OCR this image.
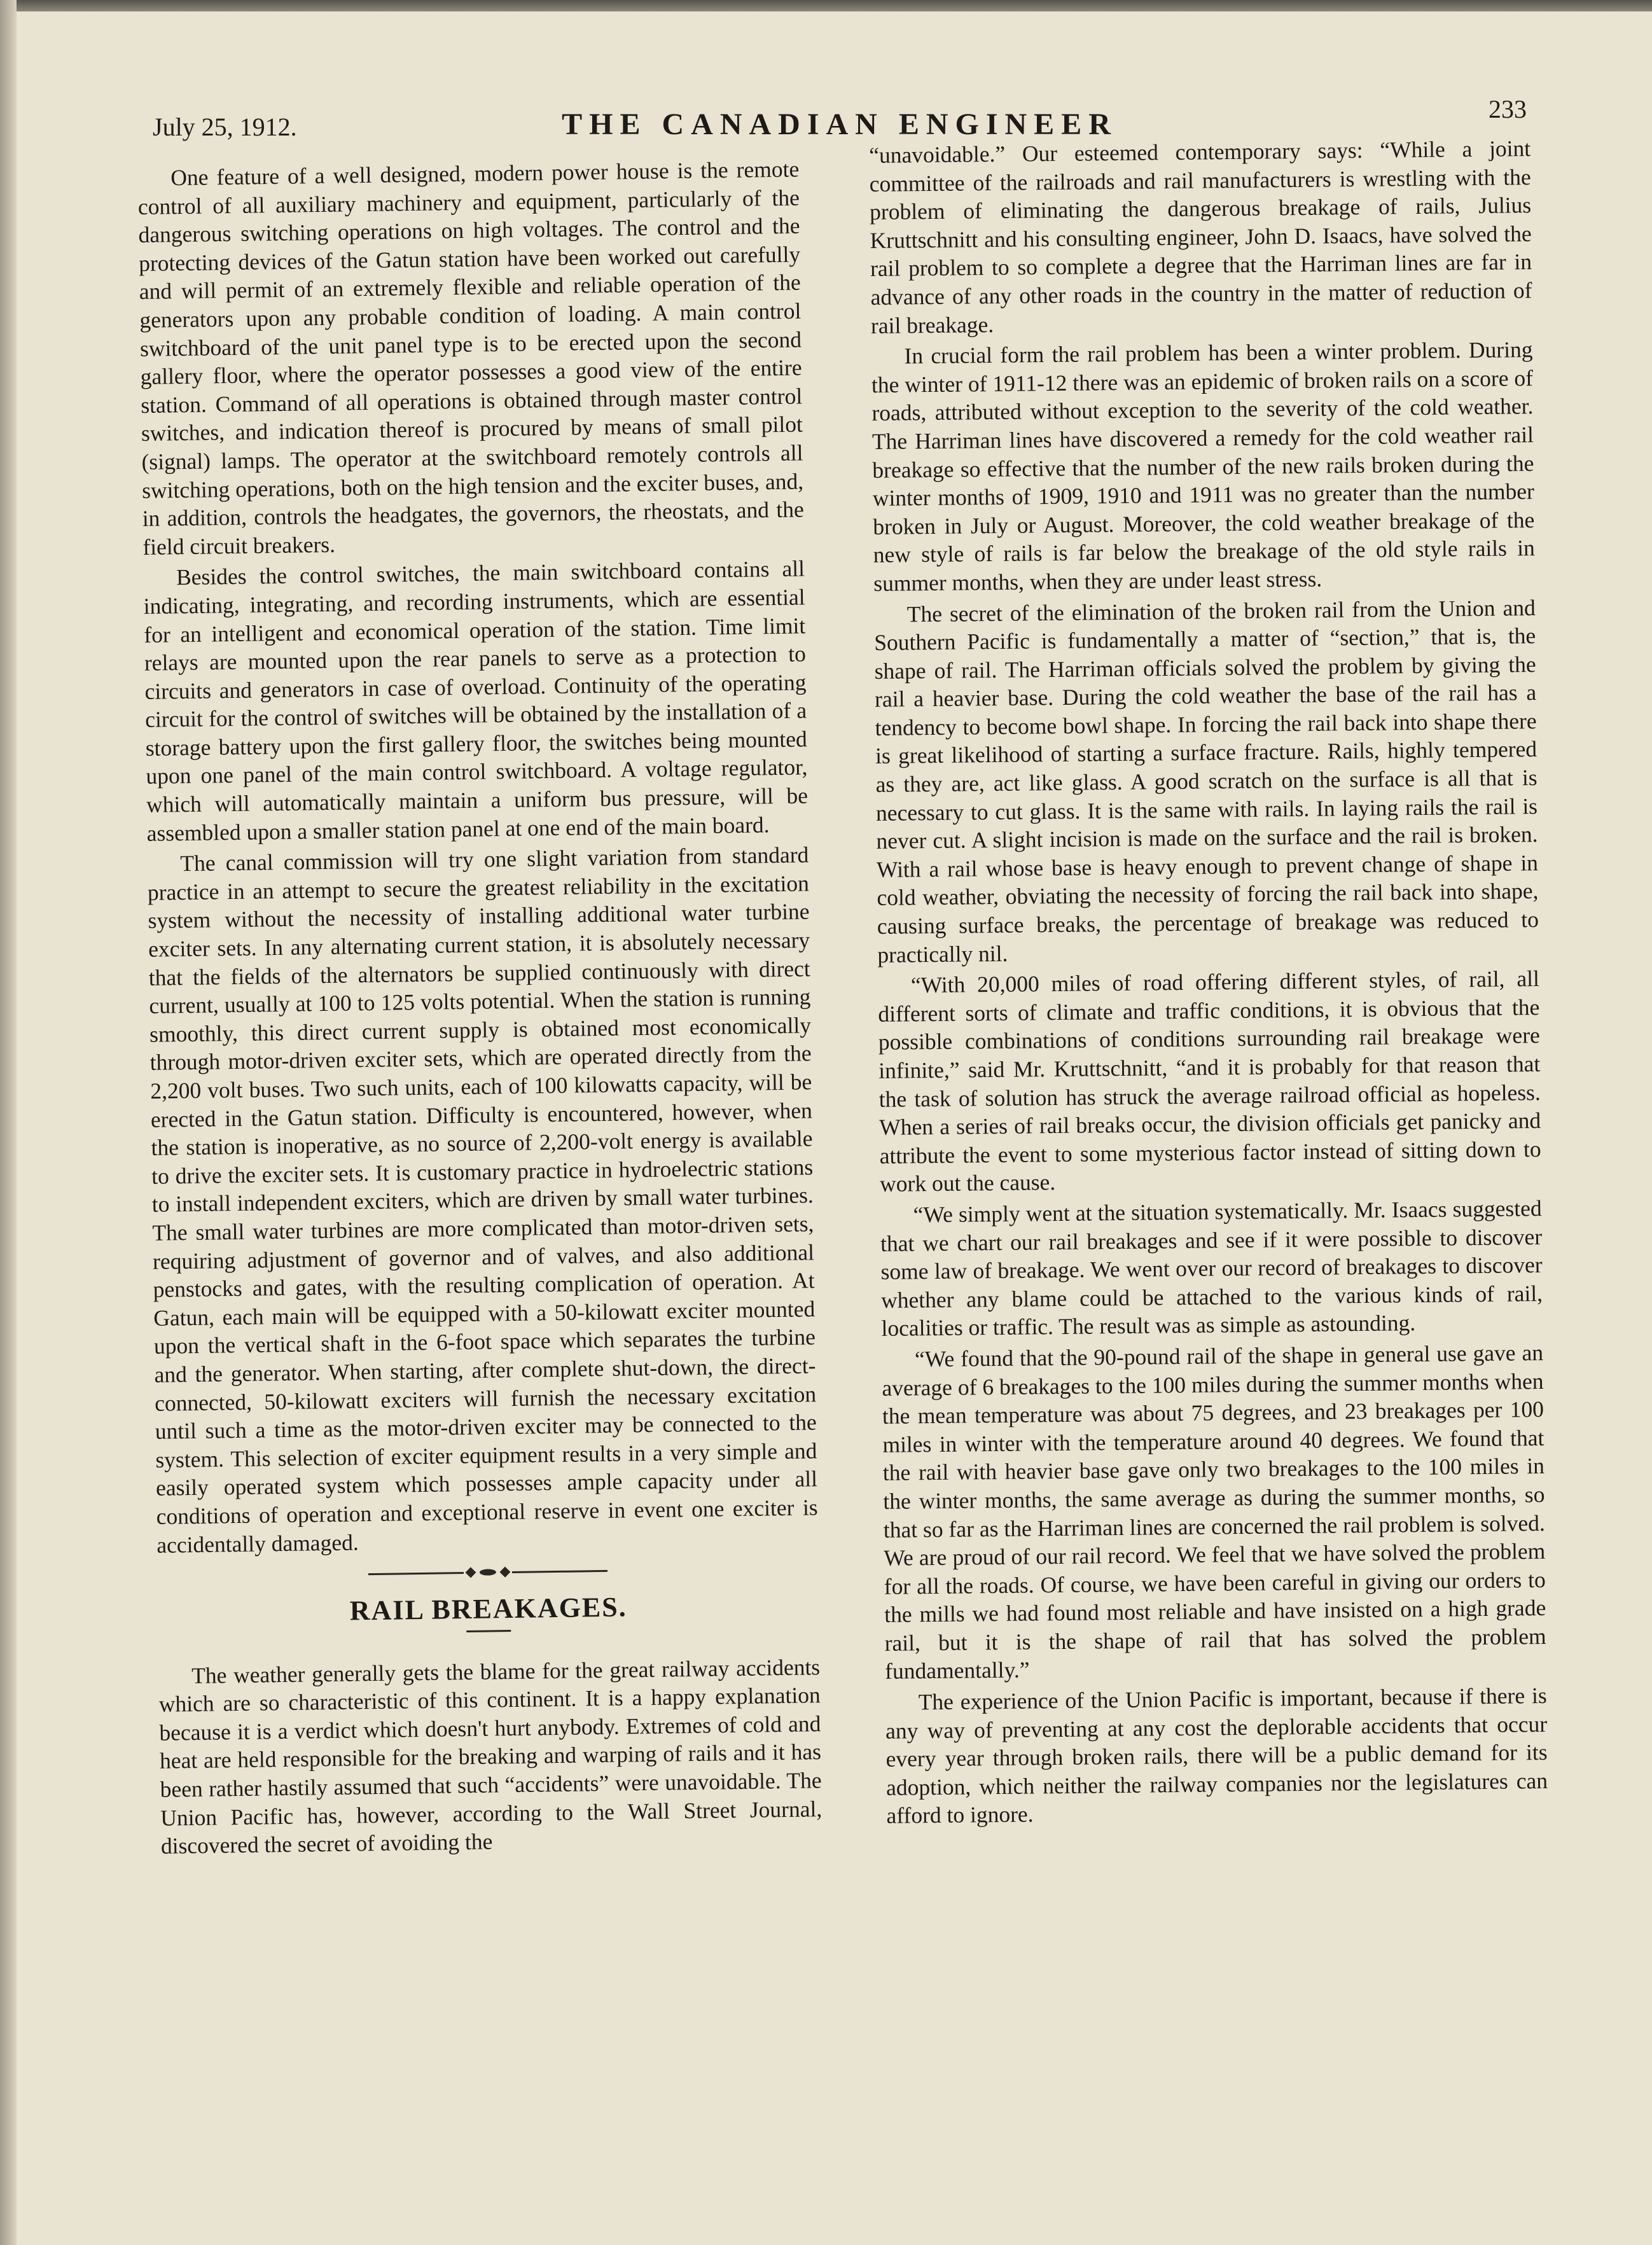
July 25, 1912.	THE CANADIAN ENGINEER	233

One feature of a well designed, modern power house is the remote control of all auxiliary machinery and equipment, particularly of the dangerous switching operations on high voltages. The control and the protecting devices of the Gatun station have been worked out carefully and will permit of an extremely flexible and reliable operation of the generators upon any probable condition of loading. A main control switchboard of the unit panel type is to be erected upon the second gallery floor, where the operator possesses a good view of the entire station. Command of all operations is obtained through master control switches, and indication thereof is procured by means of small pilot (signal) lamps. The operator at the switchboard remotely controls all switching operations, both on the high tension and the exciter buses, and, in addition, controls the headgates, the governors, the rheostats, and the field circuit breakers.

Besides the control switches, the main switchboard contains all indicating, integrating, and recording instruments, which are essential for an intelligent and economical operation of the station. Time limit relays are mounted upon the rear panels to serve as a protection to circuits and generators in case of overload. Continuity of the operating circuit for the control of switches will be obtained by the installation of a storage battery upon the first gallery floor, the switches being mounted upon one panel of the main control switchboard. A voltage regulator, which will automatically maintain a uniform bus pressure, will be assembled upon a smaller station panel at one end of the main board.

The canal commission will try one slight variation from standard practice in an attempt to secure the greatest reliability in the excitation system without the necessity of installing additional water turbine exciter sets. In any alternating current station, it is absolutely necessary that the fields of the alternators be supplied continuously with direct current, usually at 100 to 125 volts potential. When the station is running smoothly, this direct current supply is obtained most economically through motor-driven exciter sets, which are operated directly from the 2,200 volt buses. Two such units, each of 100 kilowatts capacity, will be erected in the Gatun station. Difficulty is encountered, however, when the station is inoperative, as no source of 2,200-volt energy is available to drive the exciter sets. It is customary practice in hydroelectric stations to install independent exciters, which are driven by small water turbines. The small water turbines are more complicated than motor-driven sets, requiring adjustment of governor and of valves, and also additional penstocks and gates, with the resulting complication of operation. At Gatun, each main will be equipped with a 50-kilowatt exciter mounted upon the vertical shaft in the 6-foot space which separates the turbine and the generator. When starting, after complete shut-down, the direct-connected, 50-kilowatt exciters will furnish the necessary excitation until such a time as the motor-driven exciter may be connected to the system. This selection of exciter equipment results in a very simple and easily operated system which possesses ample capacity under all conditions of operation and exceptional reserve in event one exciter is accidentally damaged.

RAIL BREAKAGES.

The weather generally gets the blame for the great railway accidents which are so characteristic of this continent. It is a happy explanation because it is a verdict which doesn't hurt anybody. Extremes of cold and heat are held responsible for the breaking and warping of rails and it has been rather hastily assumed that such “accidents” were unavoidable. The Union Pacific has, however, according to the Wall Street Journal, discovered the secret of avoiding the

“unavoidable.” Our esteemed contemporary says: “While a joint committee of the railroads and rail manufacturers is wrestling with the problem of eliminating the dangerous breakage of rails, Julius Kruttschnitt and his consulting engineer, John D. Isaacs, have solved the rail problem to so complete a degree that the Harriman lines are far in advance of any other roads in the country in the matter of reduction of rail breakage.

In crucial form the rail problem has been a winter problem. During the winter of 1911-12 there was an epidemic of broken rails on a score of roads, attributed without exception to the severity of the cold weather. The Harriman lines have discovered a remedy for the cold weather rail breakage so effective that the number of the new rails broken during the winter months of 1909, 1910 and 1911 was no greater than the number broken in July or August. Moreover, the cold weather breakage of the new style of rails is far below the breakage of the old style rails in summer months, when they are under least stress.

The secret of the elimination of the broken rail from the Union and Southern Pacific is fundamentally a matter of “section,” that is, the shape of rail. The Harriman officials solved the problem by giving the rail a heavier base. During the cold weather the base of the rail has a tendency to become bowl shape. In forcing the rail back into shape there is great likelihood of starting a surface fracture. Rails, highly tempered as they are, act like glass. A good scratch on the surface is all that is necessary to cut glass. It is the same with rails. In laying rails the rail is never cut. A slight incision is made on the surface and the rail is broken. With a rail whose base is heavy enough to prevent change of shape in cold weather, obviating the necessity of forcing the rail back into shape, causing surface breaks, the percentage of breakage was reduced to practically nil.

“With 20,000 miles of road offering different styles, of rail, all different sorts of climate and traffic conditions, it is obvious that the possible combinations of conditions surrounding rail breakage were infinite,” said Mr. Kruttschnitt, “and it is probably for that reason that the task of solution has struck the average railroad official as hopeless. When a series of rail breaks occur, the division officials get panicky and attribute the event to some mysterious factor instead of sitting down to work out the cause.

“We simply went at the situation systematically. Mr. Isaacs suggested that we chart our rail breakages and see if it were possible to discover some law of breakage. We went over our record of breakages to discover whether any blame could be attached to the various kinds of rail, localities or traffic. The result was as simple as astounding.

“We found that the 90-pound rail of the shape in general use gave an average of 6 breakages to the 100 miles during the summer months when the mean temperature was about 75 degrees, and 23 breakages per 100 miles in winter with the temperature around 40 degrees. We found that the rail with heavier base gave only two breakages to the 100 miles in the winter months, the same average as during the summer months, so that so far as the Harriman lines are concerned the rail problem is solved. We are proud of our rail record. We feel that we have solved the problem for all the roads. Of course, we have been careful in giving our orders to the mills we had found most reliable and have insisted on a high grade rail, but it is the shape of rail that has solved the problem fundamentally.”

The experience of the Union Pacific is important, because if there is any way of preventing at any cost the deplorable accidents that occur every year through broken rails, there will be a public demand for its adoption, which neither the railway companies nor the legislatures can afford to ignore.
